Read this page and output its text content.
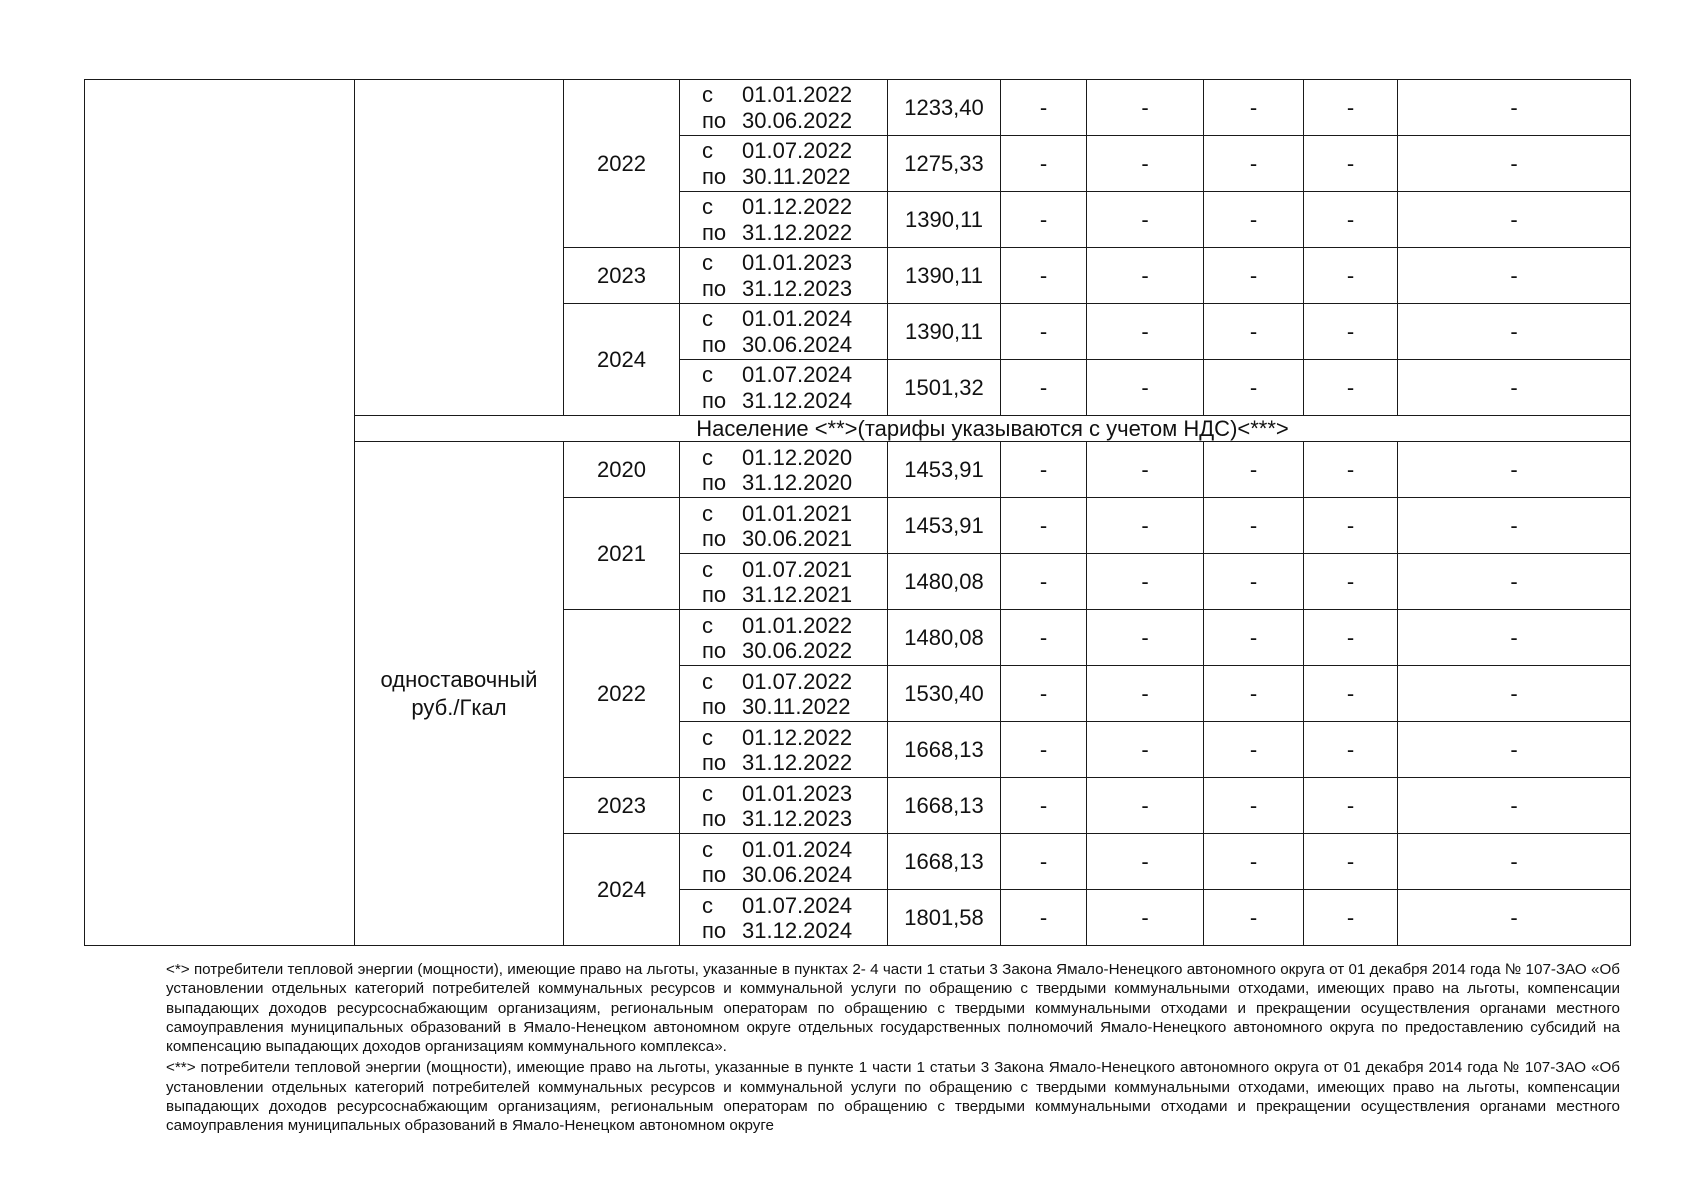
		2022	с 01.01.2022
по 30.06.2022	1233,40	-	-	-	-	-

			с 01.07.2022
по 30.11.2022	1275,33	-	-	-	-	-

			с 01.12.2022
по 31.12.2022	1390,11	-	-	-	-	-
		2023	с 01.01.2023
по 31.12.2023	1390,11	-	-	-	-	-
		2024	с 01.01.2024
по 30.06.2024	1390,11	-	-	-	-	-

			с 01.07.2024
по 31.12.2024	1501,32	-	-	-	-	-
	Население <**>(тарифы указываются с учетом НДС)<***>								

	одноставочный
руб./Гкал	2020	с 01.12.2020
по 31.12.2020	1453,91	-	-	-	-	-
		2021	с 01.01.2021
по 30.06.2021	1453,91	-	-	-	-	-

			с 01.07.2021
по 31.12.2021	1480,08	-	-	-	-	-
		2022	с 01.01.2022
по 30.06.2022	1480,08	-	-	-	-	-

			с 01.07.2022
по 30.11.2022	1530,40	-	-	-	-	-

			с 01.12.2022
по 31.12.2022	1668,13	-	-	-	-	-
		2023	с 01.01.2023
по 31.12.2023	1668,13	-	-	-	-	-
		2024	с 01.01.2024
по 30.06.2024	1668,13	-	-	-	-	-

			с 01.07.2024
по 31.12.2024	1801,58	-	-	-	-	-

<*> потребители тепловой энергии (мощности), имеющие право на льготы, указанные в пунктах 2- 4 части 1 статьи 3 Закона Ямало-Ненецкого автономного округа от 01 декабря 2014 года № 107-ЗАО «Об установлении отдельных категорий потребителей коммунальных ресурсов и коммунальной услуги по обращению с твердыми коммунальными отходами, имеющих право на льготы, компенсации выпадающих доходов ресурсоснабжающим организациям, региональным операторам по обращению с твердыми коммунальными отходами и прекращении осуществления органами местного самоуправления муниципальных образований в Ямало-Ненецком автономном округе отдельных государственных полномочий Ямало-Ненецкого автономного округа по предоставлению субсидий на компенсацию выпадающих доходов организациям коммунального комплекса».

<**> потребители тепловой энергии (мощности), имеющие право на льготы, указанные в пункте 1 части 1 статьи 3 Закона Ямало-Ненецкого автономного округа от 01 декабря 2014 года № 107-ЗАО «Об установлении отдельных категорий потребителей коммунальных ресурсов и коммунальной услуги по обращению с твердыми коммунальными отходами, имеющих право на льготы, компенсации выпадающих доходов ресурсоснабжающим организациям, региональным операторам по обращению с твердыми коммунальными отходами и прекращении осуществления органами местного самоуправления муниципальных образований в Ямало-Ненецком автономном округе
